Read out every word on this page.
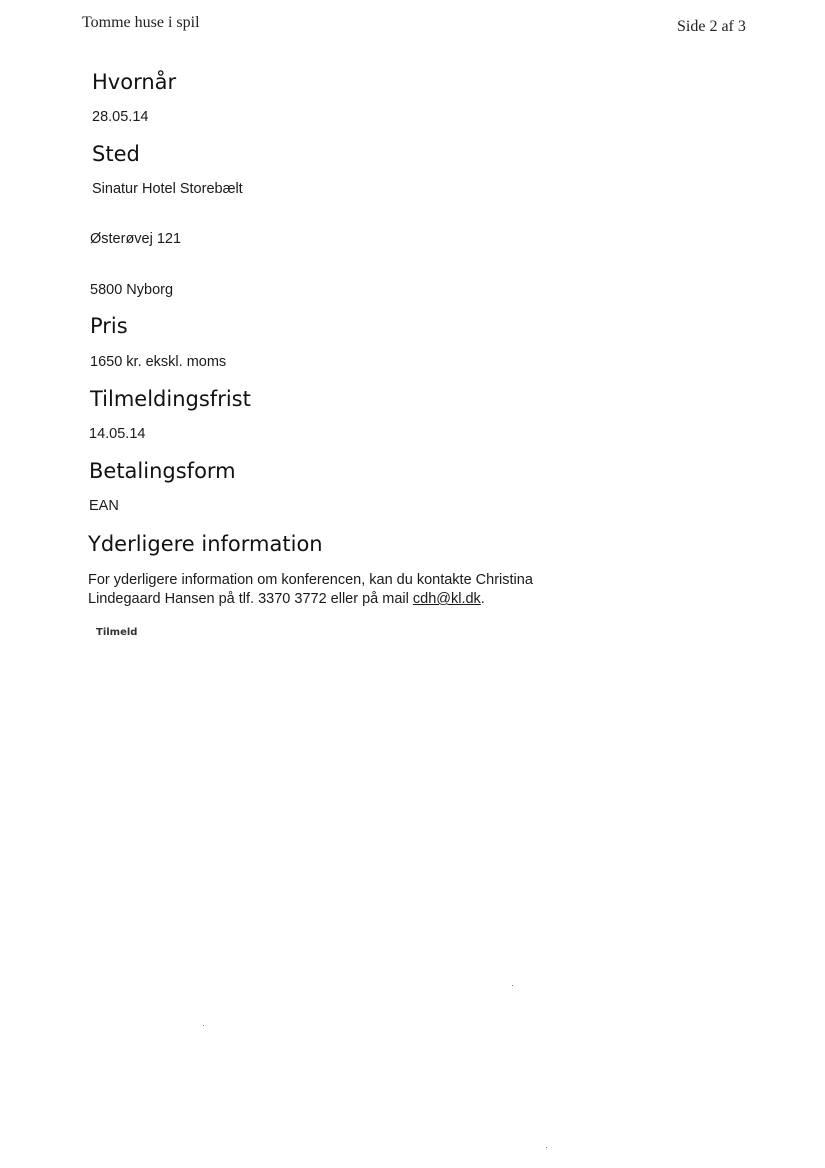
Tomme huse i spil	Side 2 af 3
Hvornår

28.05.14

Sted

Sinatur Hotel Storebælt

Østerøvej 121

5800 Nyborg

Pris

1650 kr. ekskl. moms

Tilmeldingsfrist

14.05.14

Betalingsform

EAN

Yderligere information

For yderligere information om konferencen, kan du kontakte Christina Lindegaard Hansen på tlf. 3370 3772 eller på mail cdh@kl.dk.

Tilmeld
